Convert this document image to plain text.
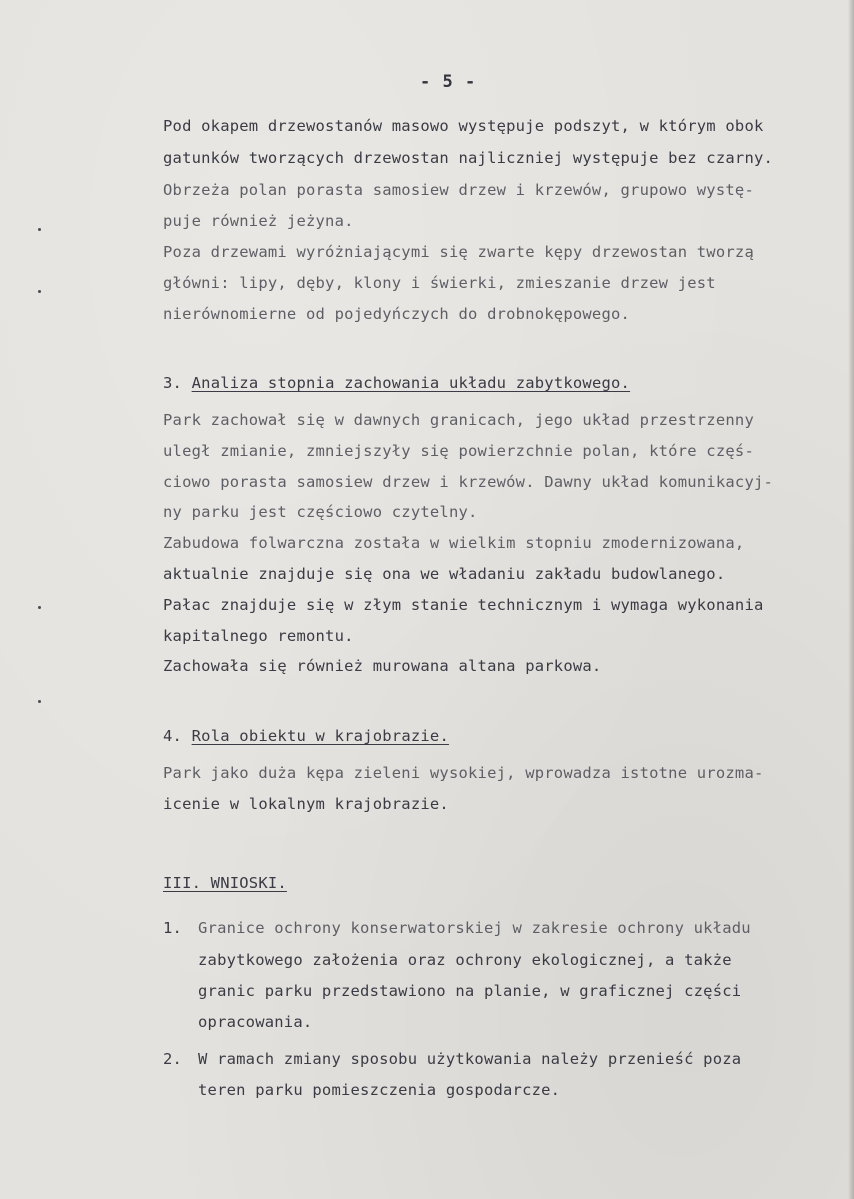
- 5 -
Pod okapem drzewostanów masowo występuje podszyt, w którym obok
gatunków tworzących drzewostan najliczniej występuje bez czarny.
Obrzeża polan porasta samosiew drzew i krzewów, grupowo wystę-
puje również jeżyna.
Poza drzewami wyróżniającymi się zwarte kępy drzewostan tworzą
główni: lipy, dęby, klony i świerki, zmieszanie drzew jest
nierównomierne od pojedyńczych do drobnokępowego.
3. Analiza stopnia zachowania układu zabytkowego.
Park zachował się w dawnych granicach, jego układ przestrzenny
uległ zmianie, zmniejszyły się powierzchnie polan, które częś-
ciowo porasta samosiew drzew i krzewów. Dawny układ komunikacyj-
ny parku jest częściowo czytelny.
Zabudowa folwarczna została w wielkim stopniu zmodernizowana,
aktualnie znajduje się ona we władaniu zakładu budowlanego.
Pałac znajduje się w złym stanie technicznym i wymaga wykonania
kapitalnego remontu.
Zachowała się również murowana altana parkowa.
4. Rola obiektu w krajobrazie.
Park jako duża kępa zieleni wysokiej, wprowadza istotne urozma-
icenie w lokalnym krajobrazie.
III. WNIOSKI.
1. Granice ochrony konserwatorskiej w zakresie ochrony układu
zabytkowego założenia oraz ochrony ekologicznej, a także
granic parku przedstawiono na planie, w graficznej części
opracowania.
2. W ramach zmiany sposobu użytkowania należy przenieść poza
teren parku pomieszczenia gospodarcze.
